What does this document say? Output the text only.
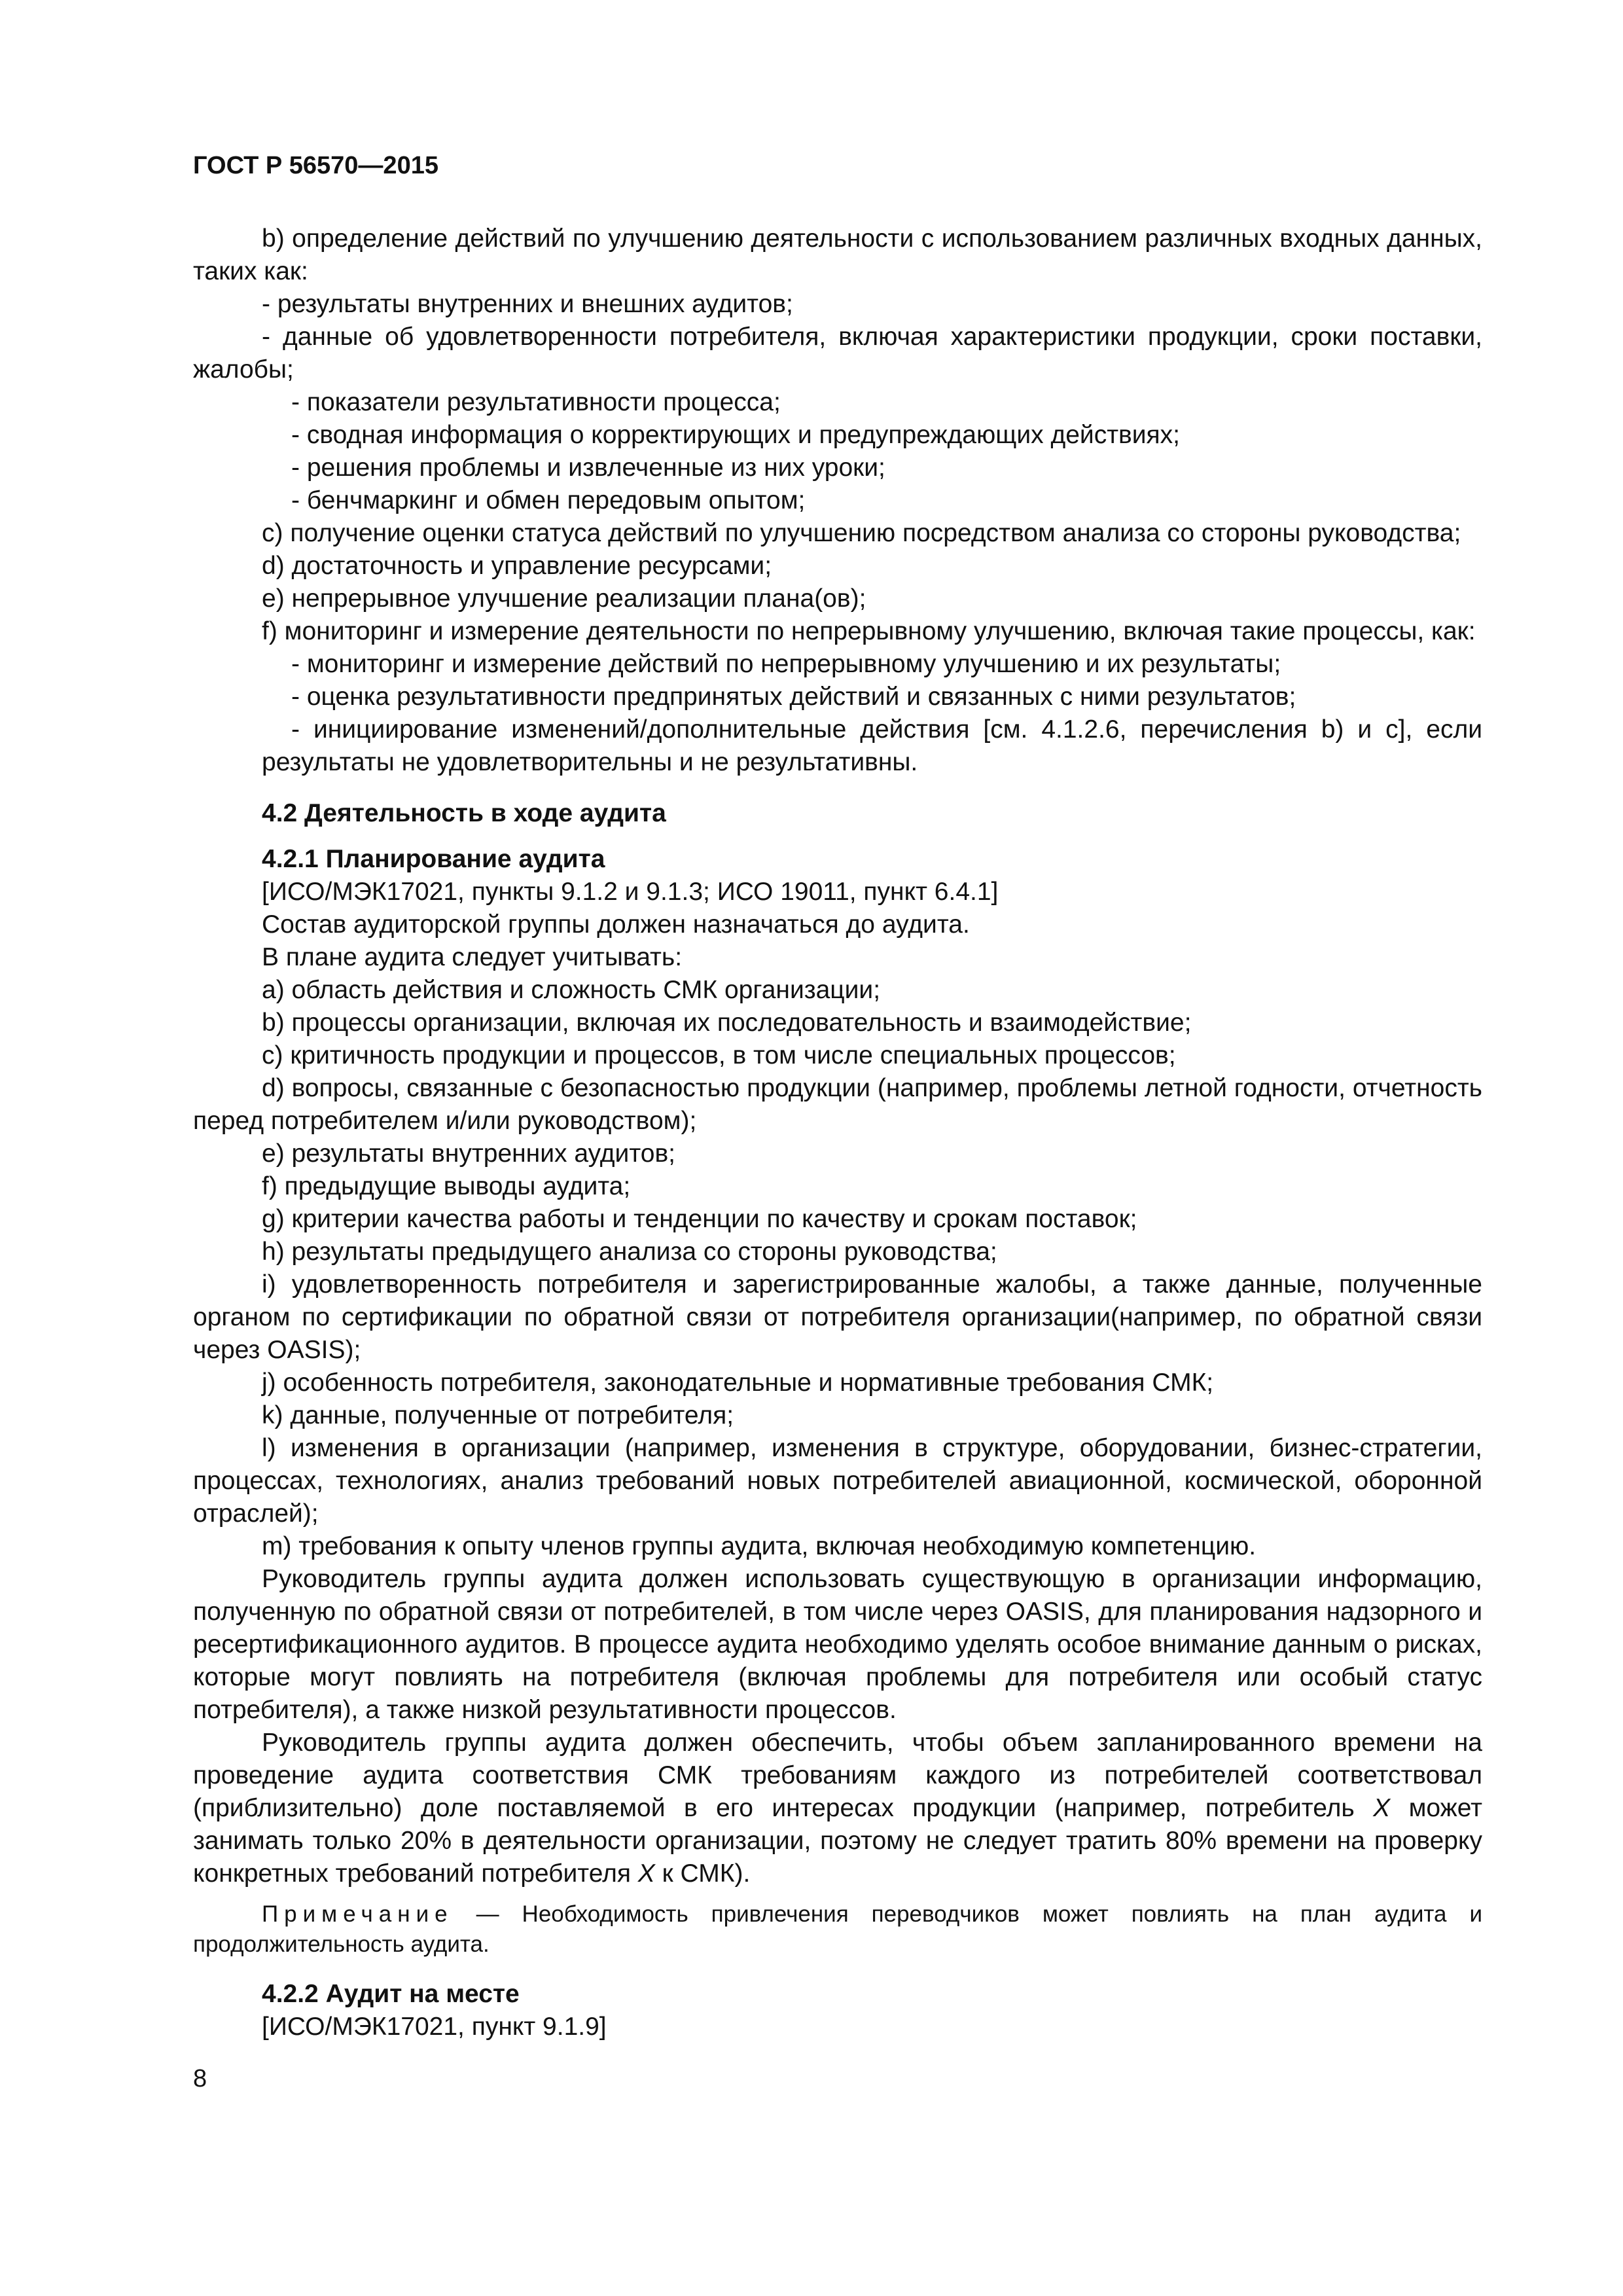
ГОСТ Р 56570—2015

b) определение действий по улучшению деятельности с использованием различных входных данных, таких как:

- результаты внутренних и внешних аудитов;

- данные об удовлетворенности потребителя, включая характеристики продукции, сроки поставки, жалобы;

- показатели результативности процесса;

- сводная информация о корректирующих и предупреждающих действиях;

- решения проблемы и извлеченные из них уроки;

- бенчмаркинг и обмен передовым опытом;

c) получение оценки статуса действий по улучшению посредством анализа со стороны руководства;

d) достаточность и управление ресурсами;

e) непрерывное улучшение реализации плана(ов);

f) мониторинг и измерение деятельности по непрерывному улучшению, включая такие процессы, как:

- мониторинг и измерение действий по непрерывному улучшению и их результаты;

- оценка результативности предпринятых действий и связанных с ними результатов;

- инициирование изменений/дополнительные действия [см. 4.1.2.6, перечисления b) и c], если результаты не удовлетворительны и не результативны.

4.2 Деятельность в ходе аудита

4.2.1 Планирование аудита

[ИСО/МЭК17021, пункты 9.1.2 и 9.1.3; ИСО 19011, пункт 6.4.1]

Состав аудиторской группы должен назначаться до аудита.

В плане аудита следует учитывать:

a) область действия и сложность СМК организации;

b) процессы организации, включая их последовательность и взаимодействие;

c) критичность продукции и процессов, в том числе специальных процессов;

d) вопросы, связанные с безопасностью продукции (например, проблемы летной годности, отчетность перед потребителем и/или руководством);

e) результаты внутренних аудитов;

f) предыдущие выводы аудита;

g) критерии качества работы и тенденции по качеству и срокам поставок;

h) результаты предыдущего анализа со стороны руководства;

i) удовлетворенность потребителя и зарегистрированные жалобы, а также данные, полученные органом по сертификации по обратной связи от потребителя организации(например, по обратной связи через OASIS);

j) особенность потребителя, законодательные и нормативные требования СМК;

k) данные, полученные от потребителя;

l) изменения в организации (например, изменения в структуре, оборудовании, бизнес-стратегии, процессах, технологиях, анализ требований новых потребителей авиационной, космической, оборонной отраслей);

m) требования к опыту членов группы аудита, включая необходимую компетенцию.

Руководитель группы аудита должен использовать существующую в организации информацию, полученную по обратной связи от потребителей, в том числе через OASIS, для планирования надзорного и ресертификационного аудитов. В процессе аудита необходимо уделять особое внимание данным о рисках, которые могут повлиять на потребителя (включая проблемы для потребителя или особый статус потребителя), а также низкой результативности процессов.

Руководитель группы аудита должен обеспечить, чтобы объем запланированного времени на проведение аудита соответствия СМК требованиям каждого из потребителей соответствовал (приблизительно) доле поставляемой в его интересах продукции (например, потребитель X может занимать только 20% в деятельности организации, поэтому не следует тратить 80% времени на проверку конкретных требований потребителя X к СМК).

Примечание — Необходимость привлечения переводчиков может повлиять на план аудита и продолжительность аудита.

4.2.2 Аудит на месте

[ИСО/МЭК17021, пункт 9.1.9]

8
